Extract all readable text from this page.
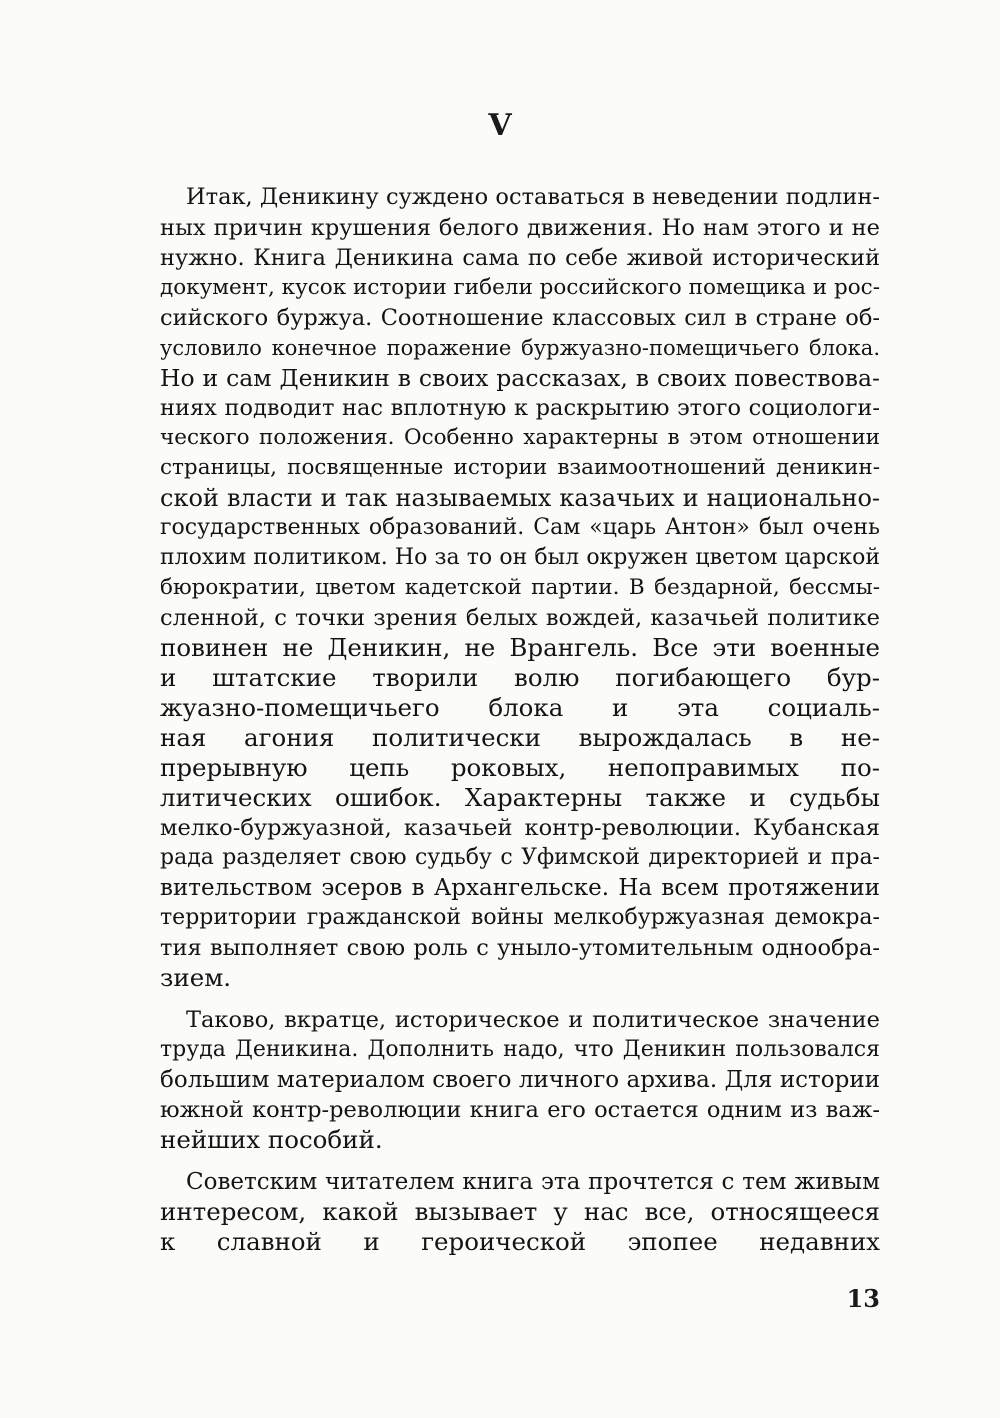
V
Итак, Деникину суждено оставаться в неведении подлин-
ных причин крушения белого движения. Но нам этого и не
нужно. Книга Деникина сама по себе живой исторический
документ, кусок истории гибели российского помещика и рос-
сийского буржуа. Соотношение классовых сил в стране об-
условило конечное поражение буржуазно-помещичьего блока.
Но и сам Деникин в своих рассказах, в своих повествова-
ниях подводит нас вплотную к раскрытию этого социологи-
ческого положения. Особенно характерны в этом отношении
страницы, посвященные истории взаимоотношений деникин-
ской власти и так называемых казачьих и национально-
государственных образований. Сам «царь Антон» был очень
плохим политиком. Но за то он был окружен цветом царской
бюрократии, цветом кадетской партии. В бездарной, бессмы-
сленной, с точки зрения белых вождей, казачьей политике
повинен не Деникин, не Врангель. Все эти военные
и штатские творили волю погибающего бур-
жуазно-помещичьего блока и эта социаль-
ная агония политически вырождалась в не-
прерывную цепь роковых, непоправимых по-
литических ошибок. Характерны также и судьбы
мелко-буржуазной, казачьей контр-революции. Кубанская
рада разделяет свою судьбу с Уфимской директорией и пра-
вительством эсеров в Архангельске. На всем протяжении
территории гражданской войны мелкобуржуазная демокра-
тия выполняет свою роль с унылo-утомительным однообра-
зием.
Таково, вкратце, историческое и политическое значение
труда Деникина. Дополнить надо, что Деникин пользовался
большим материалом своего личного архива. Для истории
южной контр-революции книга его остается одним из важ-
нейших пособий.
Советским читателем книга эта прочтется с тем живым
интересом, какой вызывает у нас все, относящееся
к славной и героической эпопее недавних
13
